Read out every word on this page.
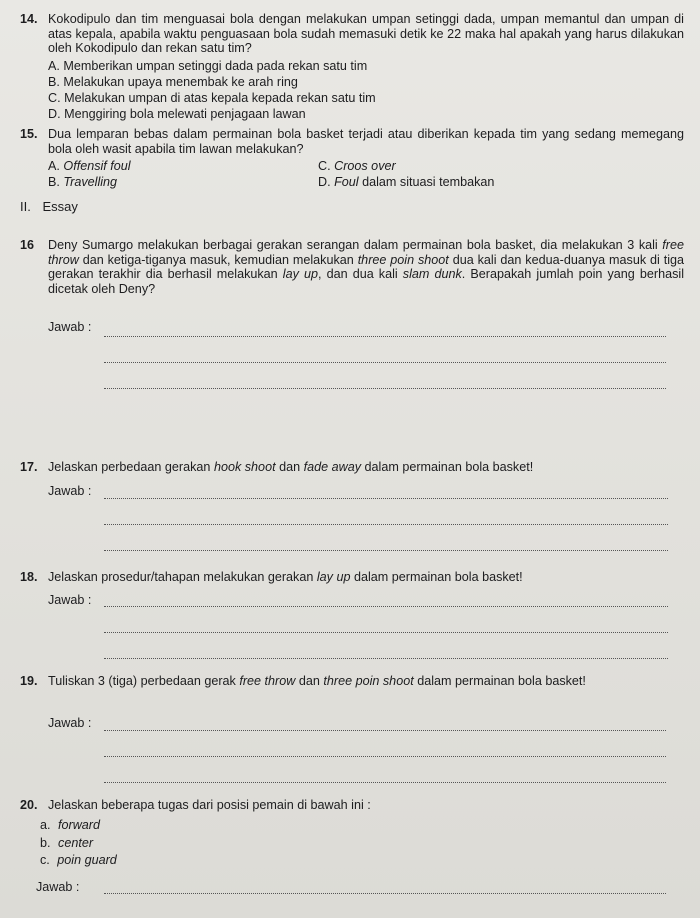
14. Kokodipulo dan tim menguasai bola dengan melakukan umpan setinggi dada, umpan memantul dan umpan di atas kepala, apabila waktu penguasaan bola sudah memasuki detik ke 22 maka hal apakah yang harus dilakukan oleh Kokodipulo dan rekan satu tim?
A. Memberikan umpan setinggi dada pada rekan satu tim
B. Melakukan upaya menembak ke arah ring
C. Melakukan umpan di atas kepala kepada rekan satu tim
D. Menggiring bola melewati penjagaan lawan
15. Dua lemparan bebas dalam permainan bola basket terjadi atau diberikan kepada tim yang sedang memegang bola oleh wasit apabila tim lawan melakukan?
A. Offensif foul
B. Travelling
C. Croos over
D. Foul dalam situasi tembakan
II. Essay
16 Deny Sumargo melakukan berbagai gerakan serangan dalam permainan bola basket, dia melakukan 3 kali free throw dan ketiga-tiganya masuk, kemudian melakukan three poin shoot dua kali dan kedua-duanya masuk di tiga gerakan terakhir dia berhasil melakukan lay up, dan dua kali slam dunk. Berapakah jumlah poin yang berhasil dicetak oleh Deny?
Jawab :
17. Jelaskan perbedaan gerakan hook shoot dan fade away dalam permainan bola basket!
Jawab :
18. Jelaskan prosedur/tahapan melakukan gerakan lay up dalam permainan bola basket!
Jawab :
19. Tuliskan 3 (tiga) perbedaan gerak free throw dan three poin shoot dalam permainan bola basket!
Jawab :
20. Jelaskan beberapa tugas dari posisi pemain di bawah ini :
a. forward
b. center
c. poin guard
Jawab :
